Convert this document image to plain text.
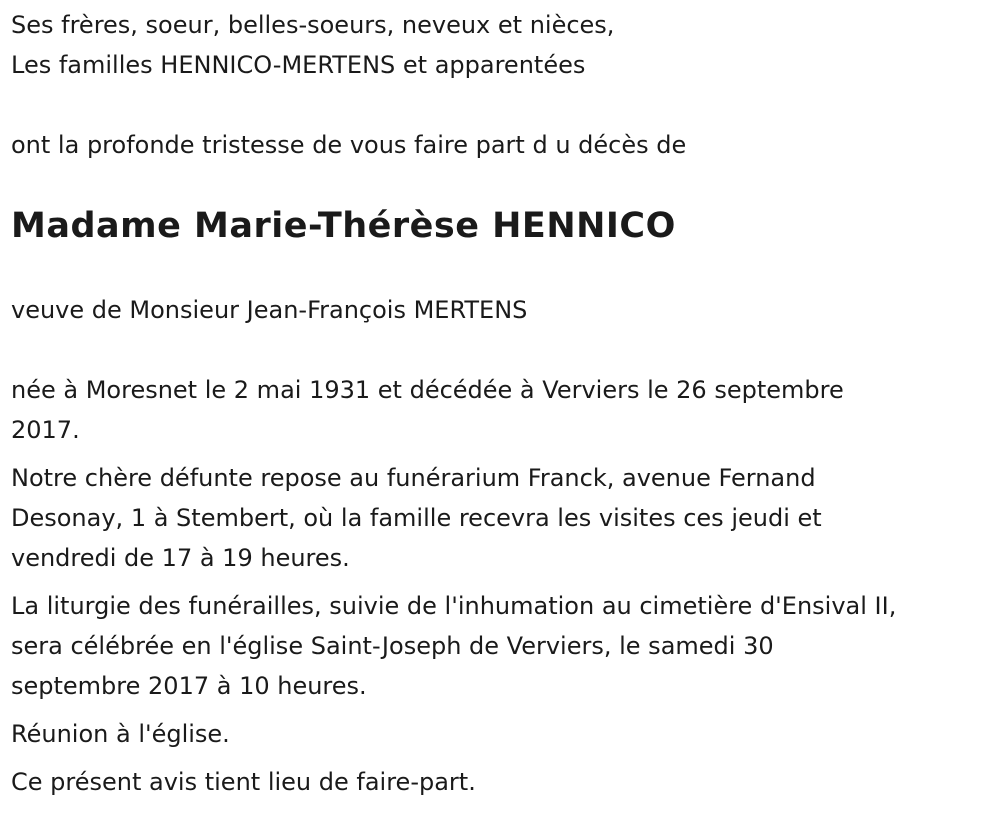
Ses frères, soeur, belles-soeurs, neveux et nièces,

Les familles HENNICO-MERTENS et apparentées

ont la profonde tristesse de vous faire part d u décès de

Madame Marie-Thérèse HENNICO

veuve de Monsieur Jean-François MERTENS

née à Moresnet le 2 mai 1931 et décédée à Verviers le 26 septembre

2017.

Notre chère défunte repose au funérarium Franck, avenue Fernand

Desonay, 1 à Stembert, où la famille recevra les visites ces jeudi et

vendredi de 17 à 19 heures.

La liturgie des funérailles, suivie de l'inhumation au cimetière d'Ensival II,

sera célébrée en l'église Saint-Joseph de Verviers, le samedi 30

septembre 2017 à 10 heures.

Réunion à l'église.

Ce présent avis tient lieu de faire-part.
